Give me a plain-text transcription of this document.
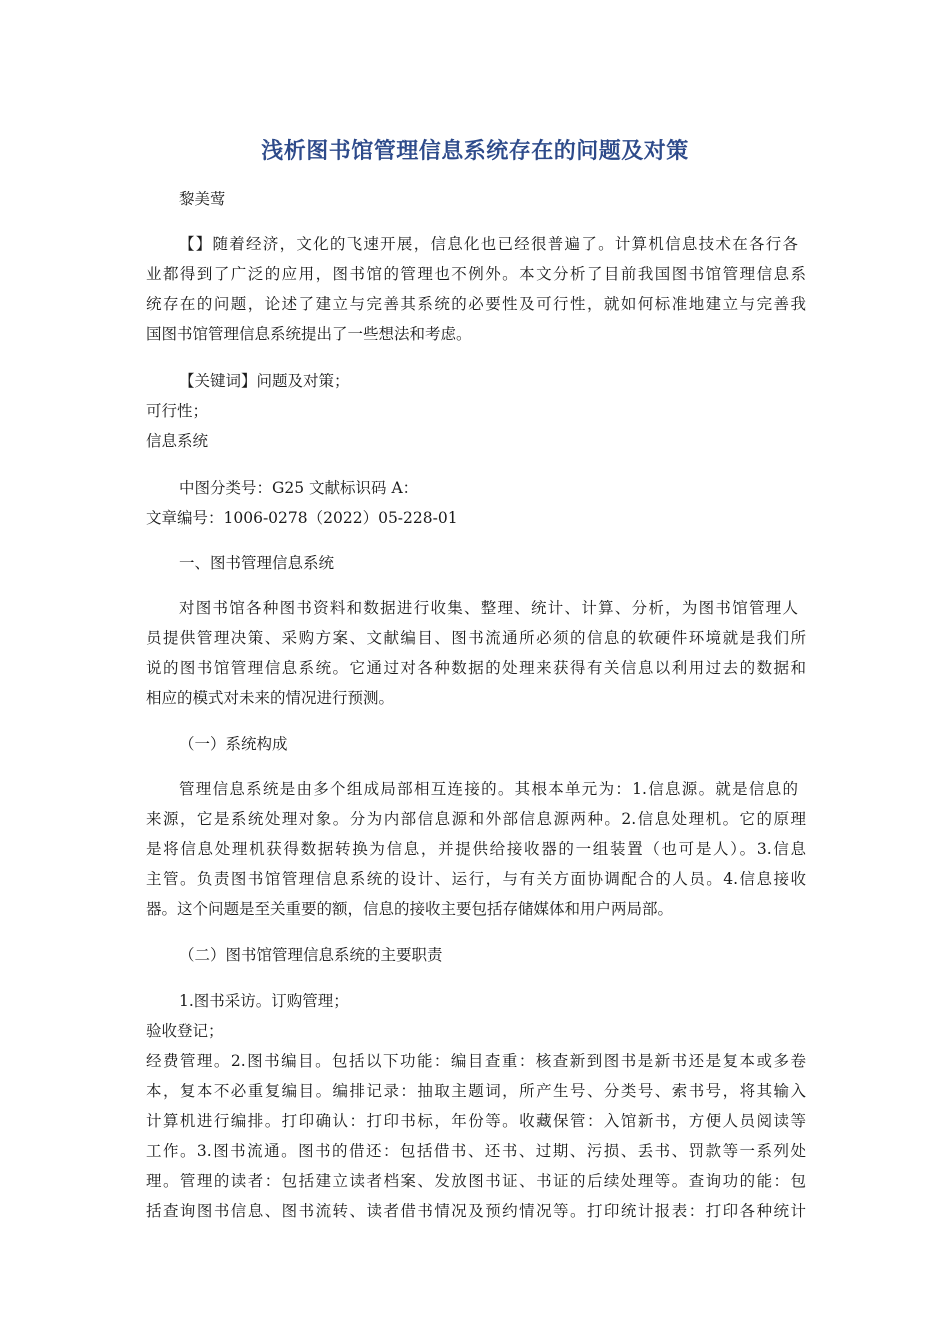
浅析图书馆管理信息系统存在的问题及对策
黎美莺
【】随着经济，文化的飞速开展，信息化也已经很普遍了。计算机信息技术在各行各
业都得到了广泛的应用，图书馆的管理也不例外。本文分析了目前我国图书馆管理信息系
统存在的问题，论述了建立与完善其系统的必要性及可行性，就如何标准地建立与完善我
国图书馆管理信息系统提出了一些想法和考虑。
【关键词】问题及对策；
可行性；
信息系统
中图分类号：G25 文献标识码 A：
文章编号：1006-0278（2022）05-228-01
一、图书管理信息系统
对图书馆各种图书资料和数据进行收集、整理、统计、计算、分析，为图书馆管理人
员提供管理决策、采购方案、文献编目、图书流通所必须的信息的软硬件环境就是我们所
说的图书馆管理信息系统。它通过对各种数据的处理来获得有关信息以利用过去的数据和
相应的模式对未来的情况进行预测。
（一）系统构成
管理信息系统是由多个组成局部相互连接的。其根本单元为：1.信息源。就是信息的
来源，它是系统处理对象。分为内部信息源和外部信息源两种。2.信息处理机。它的原理
是将信息处理机获得数据转换为信息，并提供给接收器的一组装置（也可是人）。3.信息
主管。负责图书馆管理信息系统的设计、运行，与有关方面协调配合的人员。4.信息接收
器。这个问题是至关重要的额，信息的接收主要包括存储媒体和用户两局部。
（二）图书馆管理信息系统的主要职责
1.图书采访。订购管理；
验收登记；
经费管理。2.图书编目。包括以下功能：编目查重：核查新到图书是新书还是复本或多卷
本，复本不必重复编目。编排记录：抽取主题词，所产生号、分类号、索书号，将其输入
计算机进行编排。打印确认：打印书标，年份等。收藏保管：入馆新书，方便人员阅读等
工作。3.图书流通。图书的借还：包括借书、还书、过期、污损、丢书、罚款等一系列处
理。管理的读者：包括建立读者档案、发放图书证、书证的后续处理等。查询功的能：包
括查询图书信息、图书流转、读者借书情况及预约情况等。打印统计报表：打印各种统计
